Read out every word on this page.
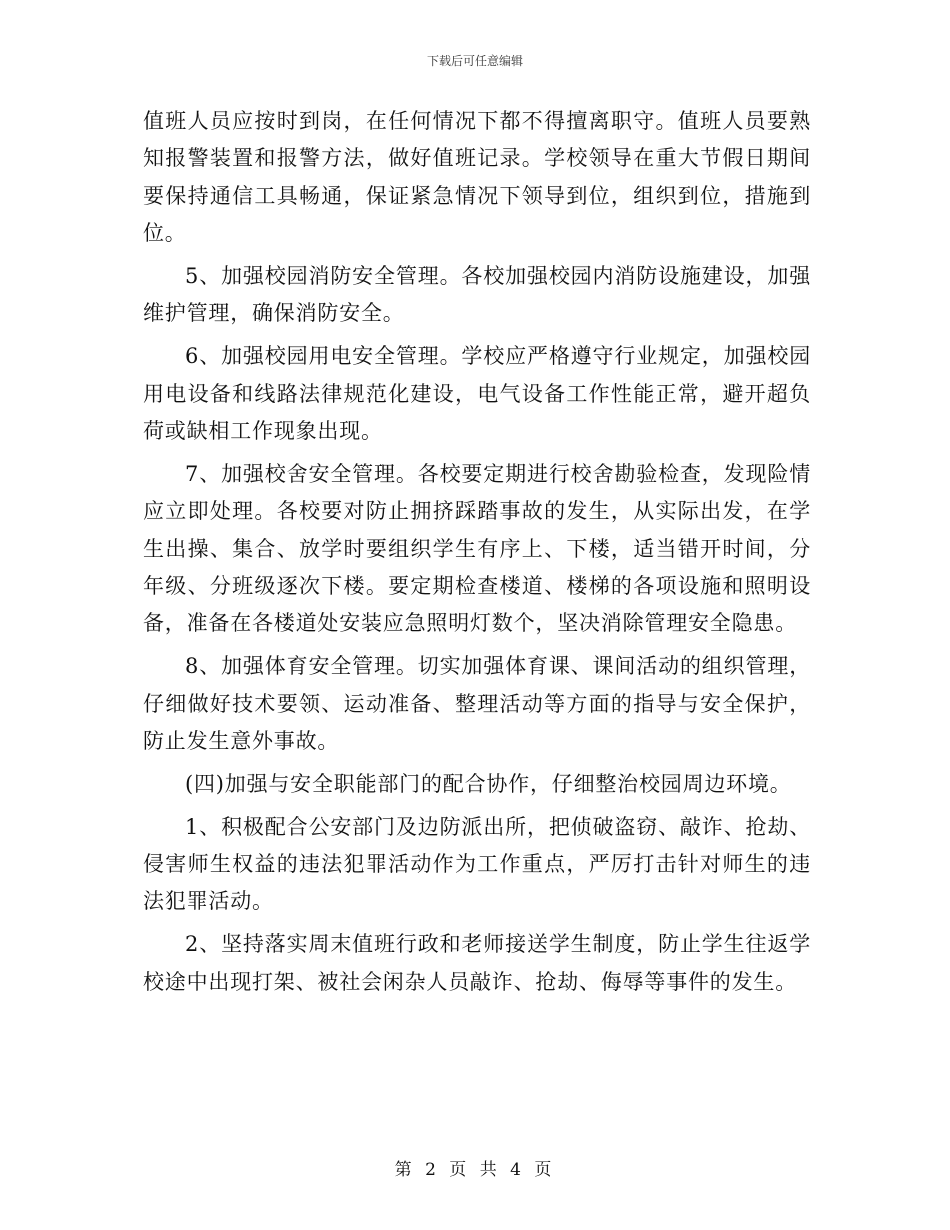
下载后可任意编辑

值班人员应按时到岗，在任何情况下都不得擅离职守。值班人员要熟知报警装置和报警方法，做好值班记录。学校领导在重大节假日期间要保持通信工具畅通，保证紧急情况下领导到位，组织到位，措施到位。

5、加强校园消防安全管理。各校加强校园内消防设施建设，加强维护管理，确保消防安全。

6、加强校园用电安全管理。学校应严格遵守行业规定，加强校园用电设备和线路法律规范化建设，电气设备工作性能正常，避开超负荷或缺相工作现象出现。

7、加强校舍安全管理。各校要定期进行校舍勘验检查，发现险情应立即处理。各校要对防止拥挤踩踏事故的发生，从实际出发，在学生出操、集合、放学时要组织学生有序上、下楼，适当错开时间，分年级、分班级逐次下楼。要定期检查楼道、楼梯的各项设施和照明设备，准备在各楼道处安装应急照明灯数个，坚决消除管理安全隐患。

8、加强体育安全管理。切实加强体育课、课间活动的组织管理，仔细做好技术要领、运动准备、整理活动等方面的指导与安全保护，防止发生意外事故。

(四)加强与安全职能部门的配合协作，仔细整治校园周边环境。

1、积极配合公安部门及边防派出所，把侦破盗窃、敲诈、抢劫、侵害师生权益的违法犯罪活动作为工作重点，严厉打击针对师生的违法犯罪活动。

2、坚持落实周末值班行政和老师接送学生制度，防止学生往返学校途中出现打架、被社会闲杂人员敲诈、抢劫、侮辱等事件的发生。

第 2 页 共 4 页
